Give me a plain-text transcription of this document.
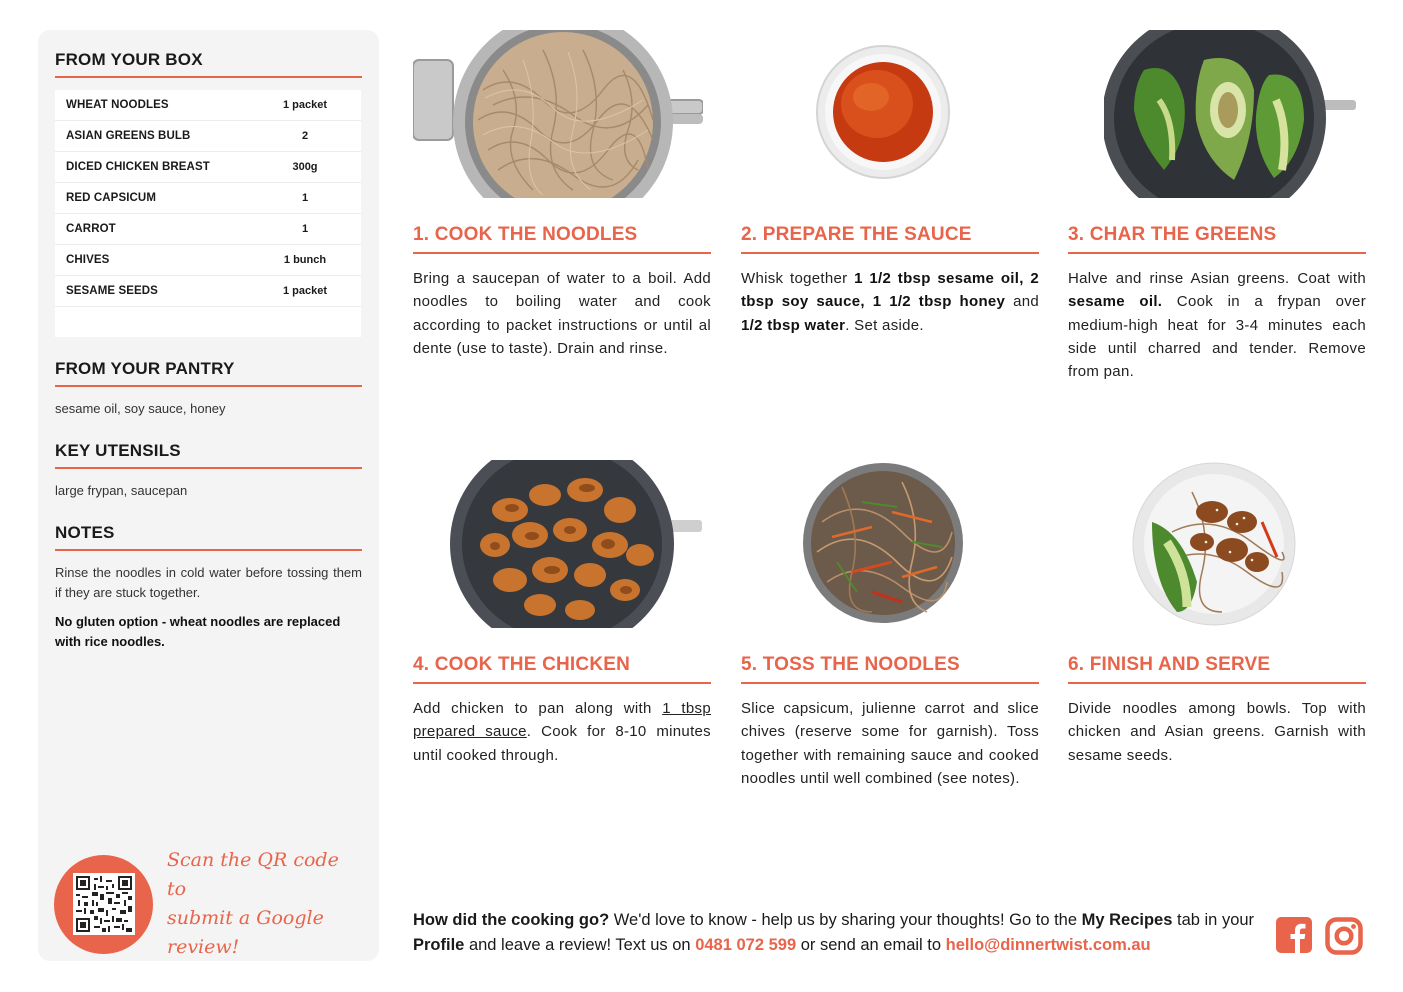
FROM YOUR BOX
WHEAT NOODLES	1 packet
ASIAN GREENS BULB	2
DICED CHICKEN BREAST	300g
RED CAPSICUM	1
CARROT	1
CHIVES	1 bunch
SESAME SEEDS	1 packet
FROM YOUR PANTRY
sesame oil, soy sauce, honey
KEY UTENSILS
large frypan, saucepan
NOTES
Rinse the noodles in cold water before tossing them if they are stuck together.
No gluten option - wheat noodles are replaced with rice noodles.
Scan the QR code to
submit a Google review!
1. COOK THE NOODLES
Bring a saucepan of water to a boil. Add noodles to boiling water and cook according to packet instructions or until al dente (use to taste). Drain and rinse.
2. PREPARE THE SAUCE
Whisk together 1 1/2 tbsp sesame oil, 2 tbsp soy sauce, 1 1/2 tbsp honey and 1/2 tbsp water. Set aside.
3. CHAR THE GREENS
Halve and rinse Asian greens. Coat with sesame oil. Cook in a frypan over medium-high heat for 3-4 minutes each side until charred and tender. Remove from pan.
4. COOK THE CHICKEN
Add chicken to pan along with 1 tbsp prepared sauce. Cook for 8-10 minutes until cooked through.
5. TOSS THE NOODLES
Slice capsicum, julienne carrot and slice chives (reserve some for garnish). Toss together with remaining sauce and cooked noodles until well combined (see notes).
6. FINISH AND SERVE
Divide noodles among bowls. Top with chicken and Asian greens. Garnish with sesame seeds.
How did the cooking go? We'd love to know - help us by sharing your thoughts! Go to the My Recipes tab in your Profile and leave a review! Text us on 0481 072 599 or send an email to hello@dinnertwist.com.au
